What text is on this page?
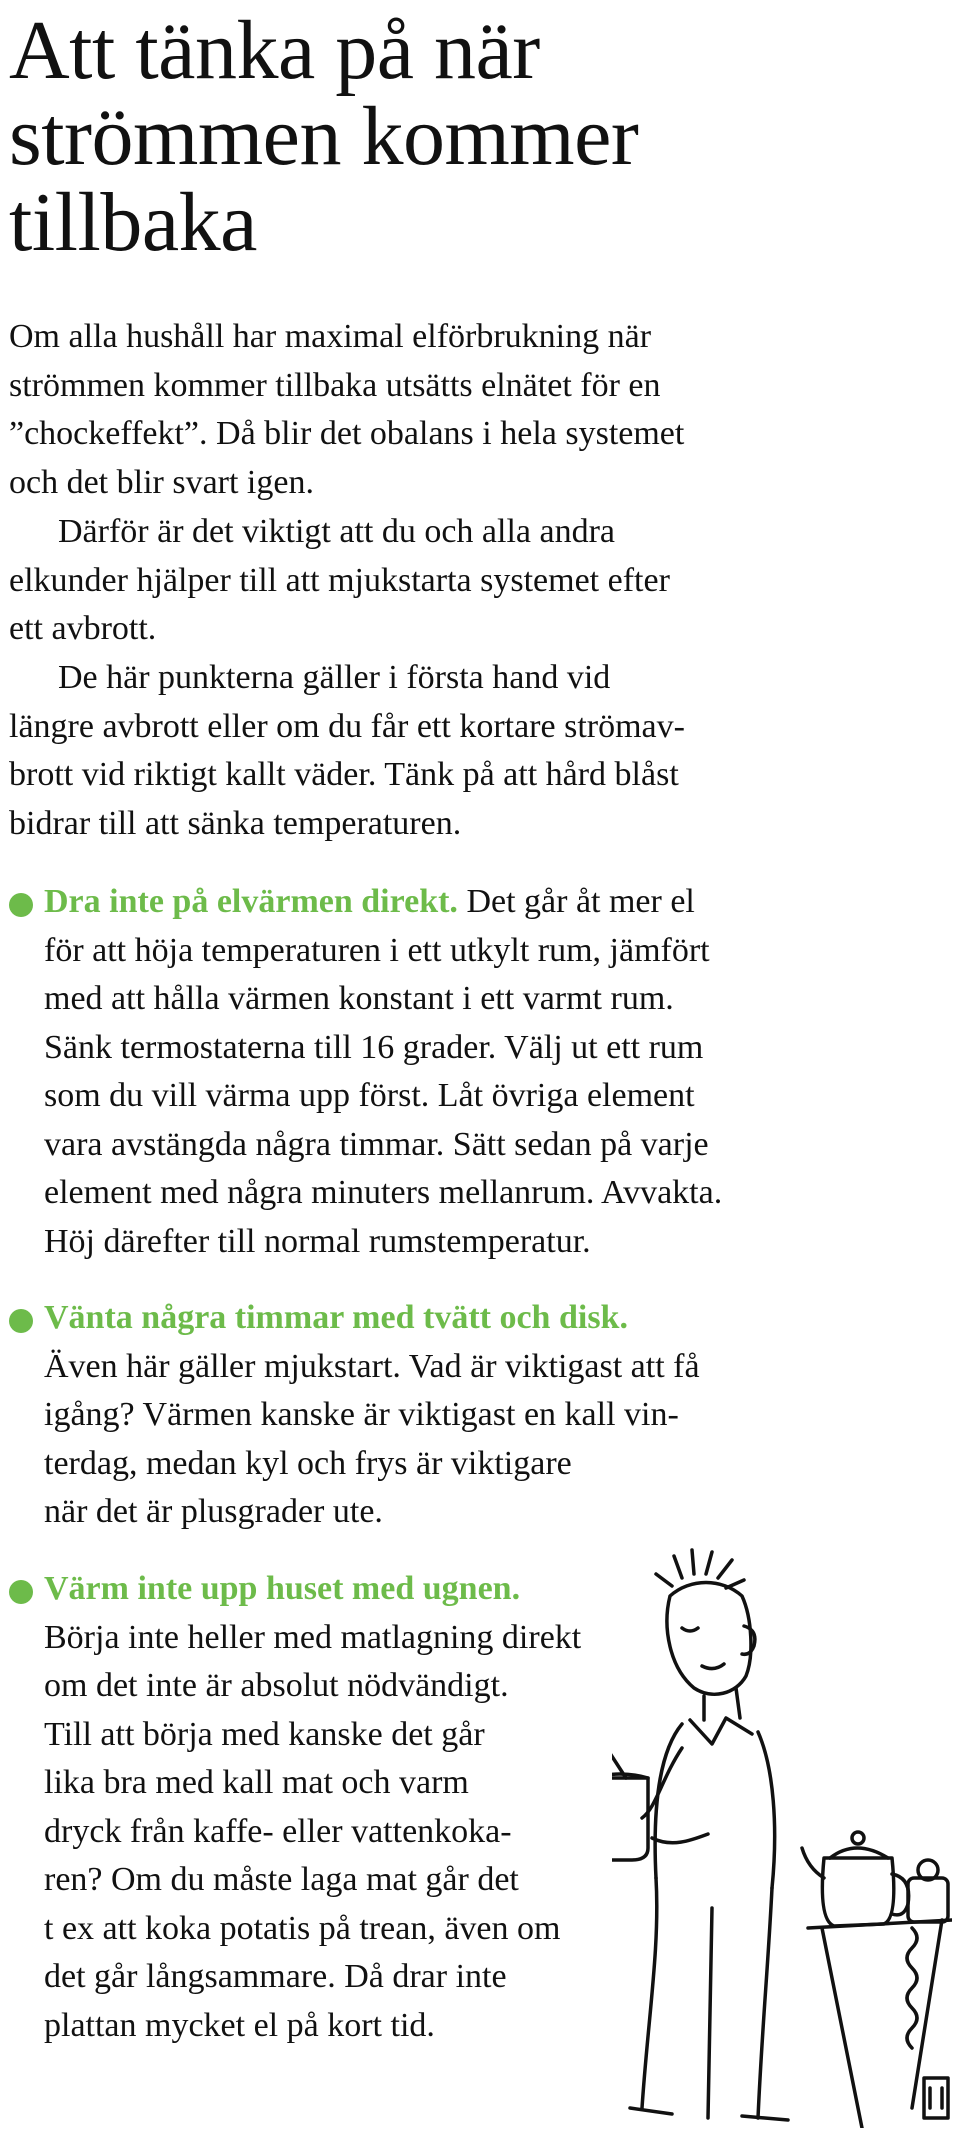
Att tänka på när
strömmen kommer
tillbaka

Om alla hushåll har maximal elförbrukning när
strömmen kommer tillbaka utsätts elnätet för en
”chockeffekt”. Då blir det obalans i hela systemet
och det blir svart igen.

Därför är det viktigt att du och alla andra
elkunder hjälper till att mjukstarta systemet efter
ett avbrott.

De här punkterna gäller i första hand vid
längre avbrott eller om du får ett kortare strömav-
brott vid riktigt kallt väder. Tänk på att hård blåst
bidrar till att sänka temperaturen.

Dra inte på elvärmen direkt. Det går åt mer el
för att höja temperaturen i ett utkylt rum, jämfört
med att hålla värmen konstant i ett varmt rum.
Sänk termostaterna till 16 grader. Välj ut ett rum
som du vill värma upp först. Låt övriga element
vara avstängda några timmar. Sätt sedan på varje
element med några minuters mellanrum. Avvakta.
Höj därefter till normal rumstemperatur.

Vänta några timmar med tvätt och disk.
Även här gäller mjukstart. Vad är viktigast att få
igång? Värmen kanske är viktigast en kall vin-
terdag, medan kyl och frys är viktigare
när det är plusgrader ute.

Värm inte upp huset med ugnen.
Börja inte heller med matlagning direkt
om det inte är absolut nödvändigt.
Till att börja med kanske det går
lika bra med kall mat och varm
dryck från kaffe- eller vattenkoka-
ren? Om du måste laga mat går det
t ex att koka potatis på trean, även om
det går långsammare. Då drar inte
plattan mycket el på kort tid.
